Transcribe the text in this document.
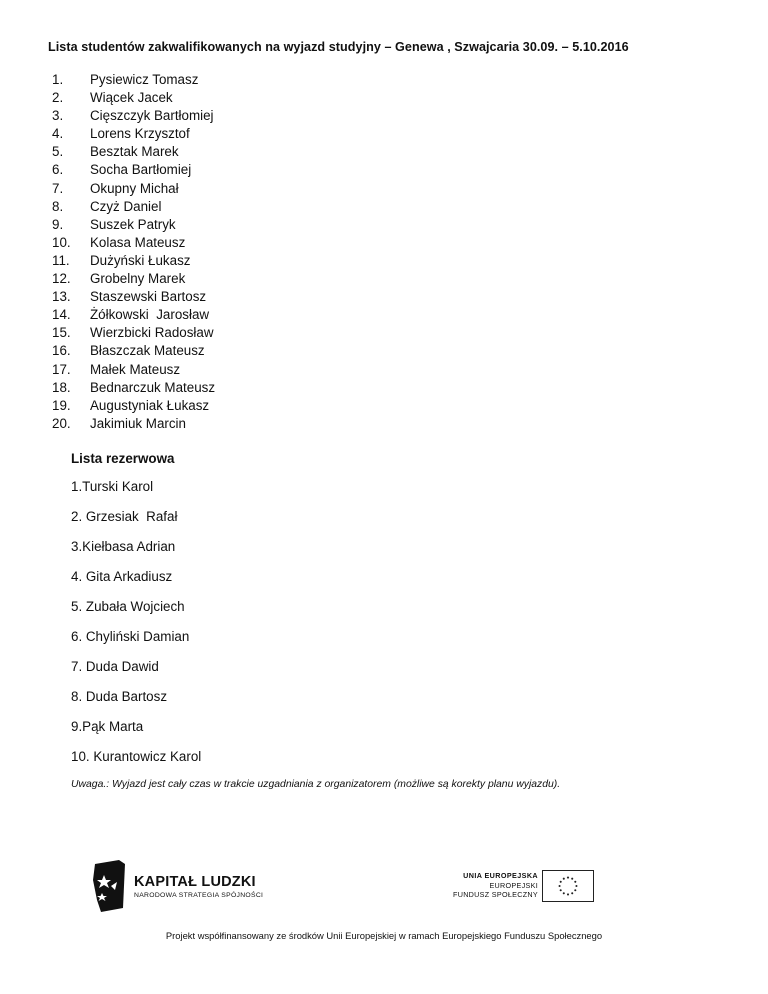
Lista studentów zakwalifikowanych na wyjazd studyjny – Genewa , Szwajcaria 30.09. – 5.10.2016
1.	Pysiewicz Tomasz
2.	Wiącek Jacek
3.	Cięszczyk Bartłomiej
4.	Lorens Krzysztof
5.	Besztak Marek
6.	Socha Bartłomiej
7.	Okupny Michał
8.	Czyż Daniel
9.	Suszek Patryk
10.	Kolasa Mateusz
11.	Dużyński Łukasz
12.	Grobelny Marek
13.	Staszewski Bartosz
14.	Żółkowski  Jarosław
15.	Wierzbicki Radosław
16.	Błaszczak Mateusz
17.	Małek Mateusz
18.	Bednarczuk Mateusz
19.	Augustyniak Łukasz
20.	Jakimiuk Marcin
Lista rezerwowa
1.Turski Karol
2. Grzesiak  Rafał
3.Kiełbasa Adrian
4. Gita Arkadiusz
5. Zubała Wojciech
6. Chyliński Damian
7. Duda Dawid
8. Duda Bartosz
9.Pąk Marta
10. Kurantowicz Karol
Uwaga.: Wyjazd jest cały czas w trakcie uzgadniania z organizatorem (możliwe są korekty planu wyjazdu).
KAPITAŁ LUDZKI
NARODOWA STRATEGIA SPÓJNOŚCI
UNIA EUROPEJSKA
EUROPEJSKI
FUNDUSZ SPOŁECZNY
Projekt współfinansowany ze środków Unii Europejskiej w ramach Europejskiego Funduszu Społecznego
